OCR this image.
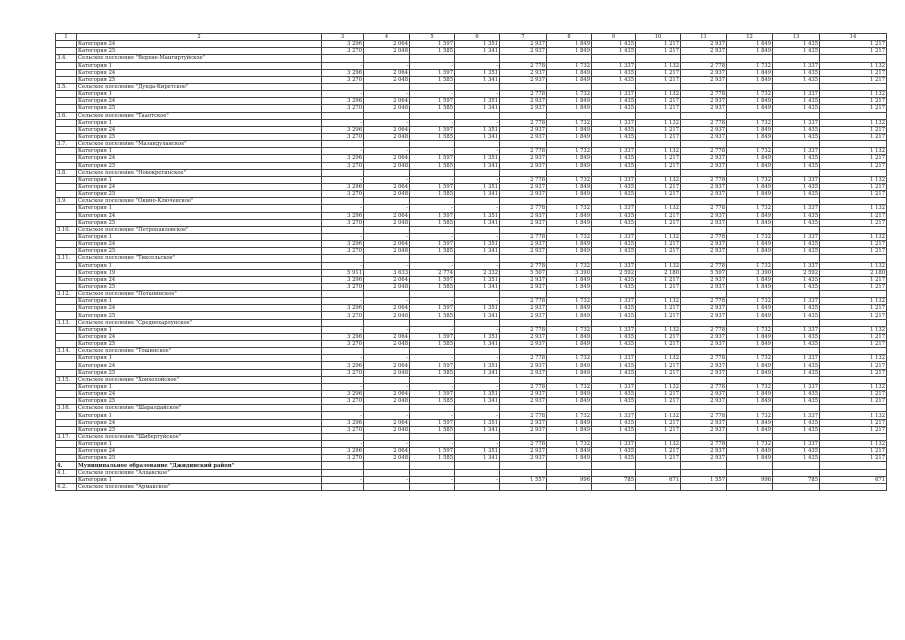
1	2	3	4	5	6	7	8	9	10	11	12	13	14
	Категория 24	3 296	2 064	1 597	1 351	2 937	1 849	1 435	1 217	2 937	1 849	1 435	1 217
	Категория 25	3 270	2 048	1 585	1 341	2 937	1 849	1 435	1 217	2 937	1 849	1 435	1 217
3.4.	Сельское поселение "Верхне-Мангиртуйское"												
	Категория 1	-	-	-	-	2 778	1 732	1 337	1 132	2 778	1 732	1 337	1 132
	Категория 24	3 296	2 064	1 597	1 351	2 937	1 849	1 435	1 217	2 937	1 849	1 435	1 217
	Категория 25	3 270	2 048	1 585	1 341	2 937	1 849	1 435	1 217	2 937	1 849	1 435	1 217
3.5.	Сельское поселение "Дунда-Киретское"												
	Категория 1	-	-	-	-	2 778	1 732	1 337	1 132	2 778	1 732	1 337	1 132
	Категория 24	3 296	2 064	1 597	1 351	2 937	1 849	1 435	1 217	2 937	1 849	1 435	1 217
	Категория 25	3 270	2 048	1 585	1 341	2 937	1 849	1 435	1 217	2 937	1 849	1 435	1 217
3.6.	Сельское поселение "Тааптское"												
	Категория 1	-	-	-	-	2 778	1 732	1 337	1 132	2 778	1 732	1 337	1 132
	Категория 24	3 296	2 064	1 597	1 351	2 937	1 849	1 435	1 217	2 937	1 849	1 435	1 217
	Категория 25	3 270	2 048	1 585	1 341	2 937	1 849	1 435	1 217	2 937	1 849	1 435	1 217
3.7.	Сельское поселение "Мазандуланское"												
	Категория 1	-	-	-	-	2 778	1 732	1 337	1 132	2 778	1 732	1 337	1 132
	Категория 24	3 296	2 064	1 597	1 351	2 937	1 849	1 435	1 217	2 937	1 849	1 435	1 217
	Категория 25	3 270	2 048	1 585	1 341	2 937	1 849	1 435	1 217	2 937	1 849	1 435	1 217
3.8.	Сельское поселение "Новокретинское"												
	Категория 1	-	-	-	-	2 778	1 732	1 337	1 132	2 778	1 732	1 337	1 132
	Категория 24	3 296	2 064	1 597	1 351	2 937	1 849	1 435	1 217	2 937	1 849	1 435	1 217
	Категория 25	3 270	2 048	1 585	1 341	2 937	1 849	1 435	1 217	2 937	1 849	1 435	1 217
3.9.	Сельское поселение "Окино-Ключевское"												
	Категория 1	-	-	-	-	2 778	1 732	1 337	1 132	2 778	1 732	1 337	1 132
	Категория 24	3 296	2 064	1 597	1 351	2 937	1 849	1 435	1 217	2 937	1 849	1 435	1 217
	Категория 25	3 270	2 048	1 585	1 341	2 937	1 849	1 435	1 217	2 937	1 849	1 435	1 217
3.10.	Сельское поселение "Петропавловское"												
	Категория 1	-	-	-	-	2 778	1 732	1 337	1 132	2 778	1 732	1 337	1 132
	Категория 24	3 296	2 064	1 597	1 351	2 937	1 849	1 435	1 217	2 937	1 849	1 435	1 217
	Категория 25	3 270	2 048	1 585	1 341	2 937	1 849	1 435	1 217	2 937	1 849	1 435	1 217
3.11.	Сельское поселение "Тиксельское"												
	Категория 1	-	-	-	-	2 778	1 732	1 337	1 132	2 778	1 732	1 337	1 132
	Категория 19	5 911	3 633	2 774	2 332	5 507	3 390	2 592	2 180	5 507	3 390	2 592	2 180
	Категория 24	3 296	2 064	1 597	1 351	2 937	1 849	1 435	1 217	2 937	1 849	1 435	1 217
	Категория 25	3 270	2 048	1 585	1 341	2 937	1 849	1 435	1 217	2 937	1 849	1 435	1 217
3.12.	Сельское поселение "Потанинское"												
	Категория 1	-	-	-	-	2 778	1 732	1 337	1 132	2 778	1 732	1 337	1 132
	Категория 24	3 296	2 064	1 597	1 351	2 937	1 849	1 435	1 217	2 937	1 849	1 435	1 217
	Категория 25	3 270	2 048	1 585	1 341	2 937	1 849	1 435	1 217	2 937	1 849	1 435	1 217
3.13.	Сельское поселение "Среднехарлунское"												
	Категория 1	-	-	-	-	2 778	1 732	1 337	1 132	2 778	1 732	1 337	1 132
	Категория 24	3 296	2 064	1 597	1 351	2 937	1 849	1 435	1 217	2 937	1 849	1 435	1 217
	Категория 25	3 270	2 048	1 585	1 341	2 937	1 849	1 435	1 217	2 937	1 849	1 435	1 217
3.14.	Сельское поселение "Тошинское"												
	Категория 1	-	-	-	-	2 778	1 732	1 337	1 132	2 778	1 732	1 337	1 132
	Категория 24	3 296	2 064	1 597	1 351	2 937	1 849	1 435	1 217	2 937	1 849	1 435	1 217
	Категория 25	3 270	2 048	1 585	1 341	2 937	1 849	1 435	1 217	2 937	1 849	1 435	1 217
3.15.	Сельское поселение "Хонхолойское"												
	Категория 1	-	-	-	-	2 778	1 732	1 337	1 132	2 778	1 732	1 337	1 132
	Категория 24	3 296	2 064	1 597	1 351	2 937	1 849	1 435	1 217	2 937	1 849	1 435	1 217
	Категория 25	3 270	2 048	1 585	1 341	2 937	1 849	1 435	1 217	2 937	1 849	1 435	1 217
3.16.	Сельское поселение "Шаралдайское"												
	Категория 1	-	-	-	-	2 778	1 732	1 337	1 132	2 778	1 732	1 337	1 132
	Категория 24	3 296	2 064	1 597	1 351	2 937	1 849	1 435	1 217	2 937	1 849	1 435	1 217
	Категория 25	3 270	2 048	1 585	1 341	2 937	1 849	1 435	1 217	2 937	1 849	1 435	1 217
3.17.	Сельское поселение "Шибертуйское"												
	Категория 1	-	-	-	-	2 778	1 732	1 337	1 132	2 778	1 732	1 337	1 132
	Категория 24	3 296	2 064	1 597	1 351	2 937	1 849	1 435	1 217	2 937	1 849	1 435	1 217
	Категория 25	3 270	2 048	1 585	1 341	2 937	1 849	1 435	1 217	2 937	1 849	1 435	1 217
4.	Муниципальное образование "Джидинский район"												
4.1.	Сельское поселение "Алцакское"												
	Категория 1	-	-	-	-	1 557	996	785	671	1 557	996	785	671
4.2.	Сельское поселение "Армакское"												
